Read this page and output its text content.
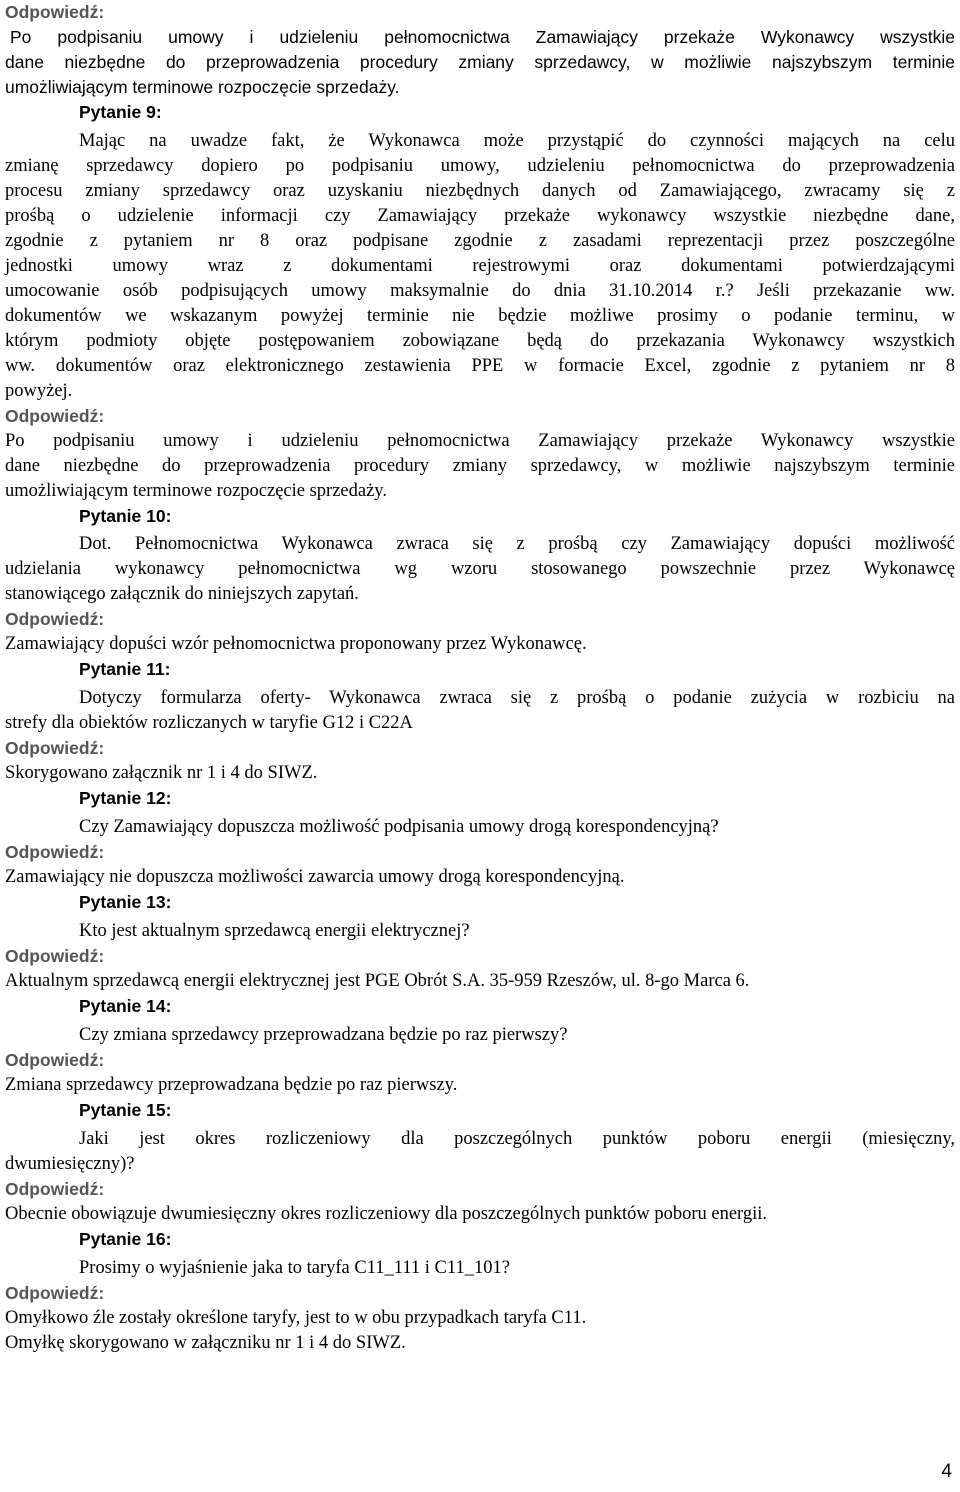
Odpowiedź:
Po podpisaniu umowy i udzieleniu pełnomocnictwa Zamawiający przekaże Wykonawcy wszystkie
dane niezbędne do przeprowadzenia procedury zmiany sprzedawcy, w możliwie najszybszym terminie
umożliwiającym terminowe rozpoczęcie sprzedaży.
Pytanie 9:
Mając na uwadze fakt, że Wykonawca może przystąpić do czynności mających na celu
zmianę sprzedawcy dopiero po podpisaniu umowy, udzieleniu pełnomocnictwa do przeprowadzenia
procesu zmiany sprzedawcy oraz uzyskaniu niezbędnych danych od Zamawiającego, zwracamy się z
prośbą o udzielenie informacji czy Zamawiający przekaże wykonawcy wszystkie niezbędne dane,
zgodnie z pytaniem nr 8 oraz podpisane zgodnie z zasadami reprezentacji przez poszczególne
jednostki umowy wraz z dokumentami rejestrowymi oraz dokumentami potwierdzającymi
umocowanie osób podpisujących umowy maksymalnie do dnia 31.10.2014 r.? Jeśli przekazanie ww.
dokumentów we wskazanym powyżej terminie nie będzie możliwe prosimy o podanie terminu, w
którym podmioty objęte postępowaniem zobowiązane będą do przekazania Wykonawcy wszystkich
ww. dokumentów oraz elektronicznego zestawienia PPE w formacie Excel, zgodnie z pytaniem nr 8
powyżej.
Odpowiedź:
Po podpisaniu umowy i udzieleniu pełnomocnictwa Zamawiający przekaże Wykonawcy wszystkie
dane niezbędne do przeprowadzenia procedury zmiany sprzedawcy, w możliwie najszybszym terminie
umożliwiającym terminowe rozpoczęcie sprzedaży.
Pytanie 10:
Dot. Pełnomocnictwa Wykonawca zwraca się z prośbą czy Zamawiający dopuści możliwość
udzielania wykonawcy pełnomocnictwa wg wzoru stosowanego powszechnie przez Wykonawcę
stanowiącego załącznik do niniejszych zapytań.
Odpowiedź:
Zamawiający dopuści wzór pełnomocnictwa proponowany przez Wykonawcę.
Pytanie 11:
Dotyczy formularza oferty- Wykonawca zwraca się z prośbą o podanie zużycia w rozbiciu na
strefy dla obiektów rozliczanych w taryfie G12 i C22A
Odpowiedź:
Skorygowano załącznik nr 1 i 4 do SIWZ.
Pytanie 12:
Czy Zamawiający dopuszcza możliwość podpisania umowy drogą korespondencyjną?
Odpowiedź:
Zamawiający nie dopuszcza możliwości zawarcia umowy drogą korespondencyjną.
Pytanie 13:
Kto jest aktualnym sprzedawcą energii elektrycznej?
Odpowiedź:
Aktualnym sprzedawcą energii elektrycznej jest PGE Obrót S.A. 35-959 Rzeszów, ul. 8-go Marca 6.
Pytanie 14:
Czy zmiana sprzedawcy przeprowadzana będzie po raz pierwszy?
Odpowiedź:
Zmiana sprzedawcy przeprowadzana będzie po raz pierwszy.
Pytanie 15:
Jaki jest okres rozliczeniowy dla poszczególnych punktów poboru energii (miesięczny,
dwumiesięczny)?
Odpowiedź:
Obecnie obowiązuje dwumiesięczny okres rozliczeniowy dla poszczególnych punktów poboru energii.
Pytanie 16:
Prosimy o wyjaśnienie jaka to taryfa C11_111 i C11_101?
Odpowiedź:
Omyłkowo źle zostały określone taryfy, jest to w obu przypadkach taryfa C11.
Omyłkę skorygowano w załączniku nr 1 i 4 do SIWZ.
4
